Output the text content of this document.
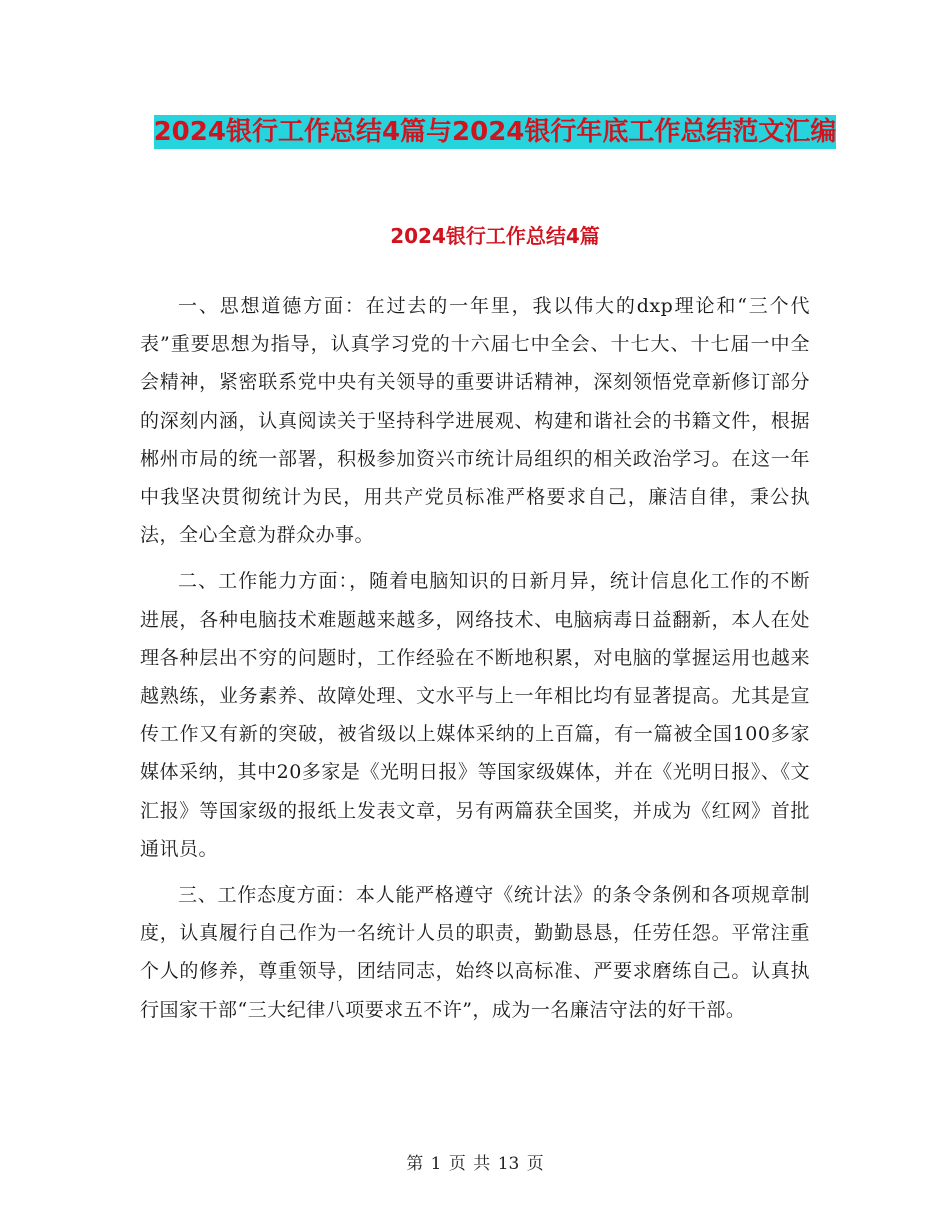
2024银行工作总结4篇与2024银行年底工作总结范文汇编
2024银行工作总结4篇

一、思想道德方面：在过去的一年里，我以伟大的dxp理论和“三个代表”重要思想为指导，认真学习党的十六届七中全会、十七大、十七届一中全会精神，紧密联系党中央有关领导的重要讲话精神，深刻领悟党章新修订部分的深刻内涵，认真阅读关于坚持科学进展观、构建和谐社会的书籍文件，根据郴州市局的统一部署，积极参加资兴市统计局组织的相关政治学习。在这一年中我坚决贯彻统计为民，用共产党员标准严格要求自己，廉洁自律，秉公执法，全心全意为群众办事。

二、工作能力方面：，随着电脑知识的日新月异，统计信息化工作的不断进展，各种电脑技术难题越来越多，网络技术、电脑病毒日益翻新，本人在处理各种层出不穷的问题时，工作经验在不断地积累，对电脑的掌握运用也越来越熟练，业务素养、故障处理、文水平与上一年相比均有显著提高。尤其是宣传工作又有新的突破，被省级以上媒体采纳的上百篇，有一篇被全国100多家媒体采纳，其中20多家是《光明日报》等国家级媒体，并在《光明日报》、《文汇报》等国家级的报纸上发表文章，另有两篇获全国奖，并成为《红网》首批通讯员。

三、工作态度方面：本人能严格遵守《统计法》的条令条例和各项规章制度，认真履行自己作为一名统计人员的职责，勤勤恳恳，任劳任怨。平常注重个人的修养，尊重领导，团结同志，始终以高标准、严要求磨练自己。认真执行国家干部“三大纪律八项要求五不许”，成为一名廉洁守法的好干部。

第 1 页 共 13 页
